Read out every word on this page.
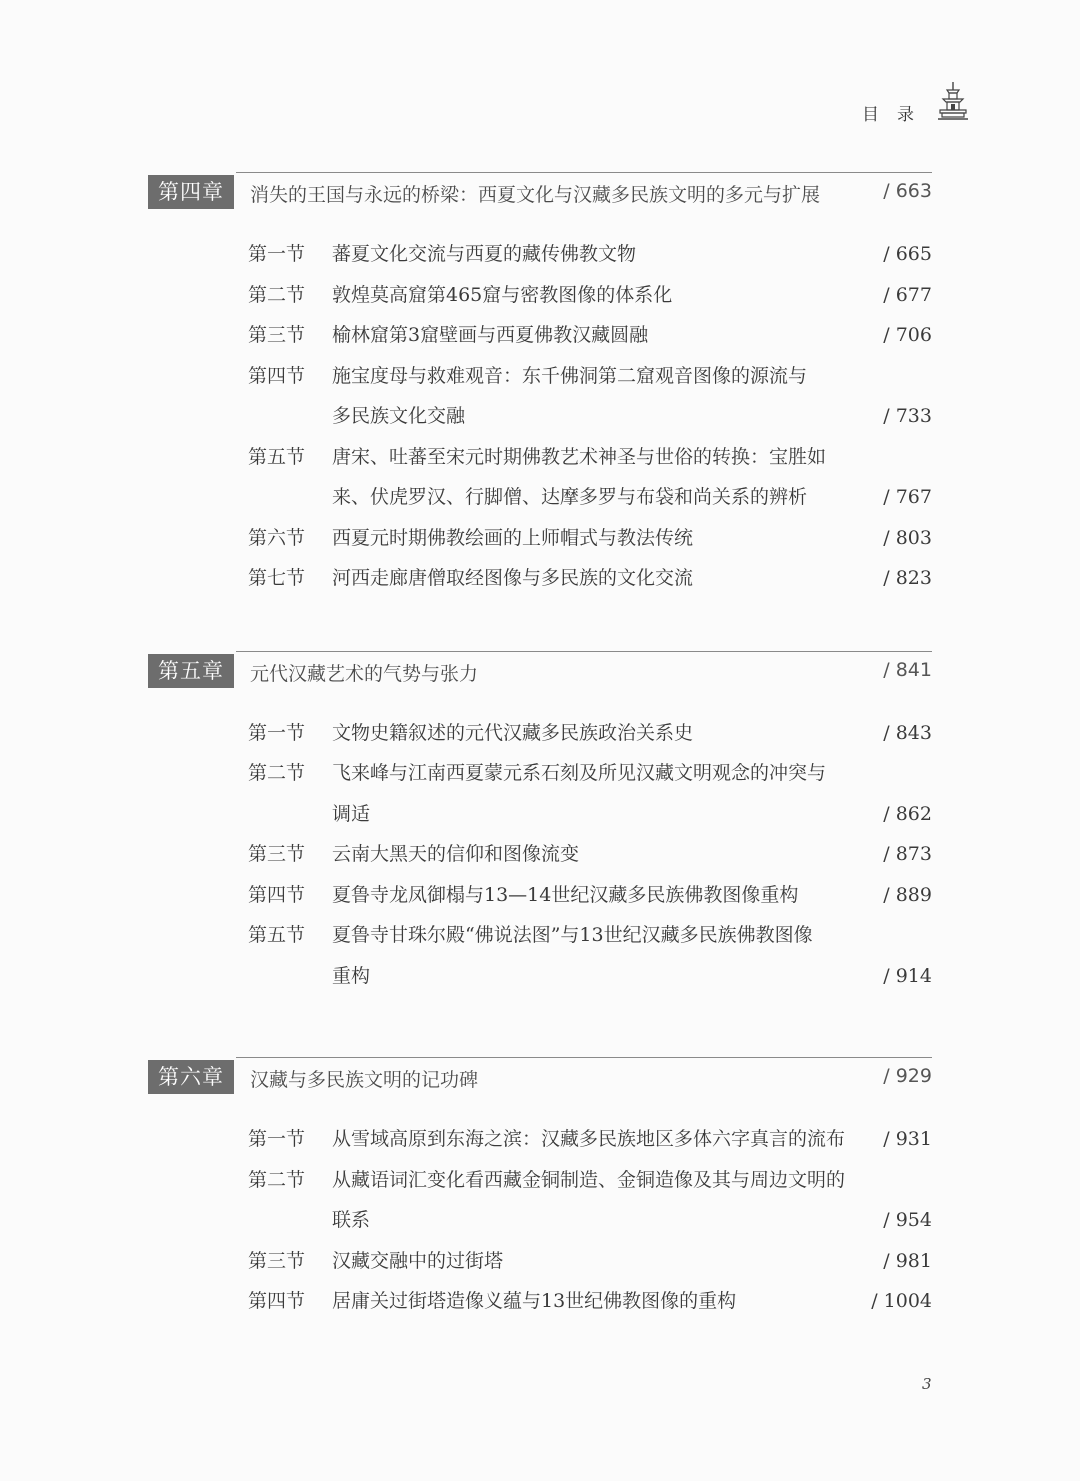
目录
第四章	消失的王国与永远的桥梁：西夏文化与汉藏多民族文明的多元与扩展	/ 663
第一节 蕃夏文化交流与西夏的藏传佛教文物	/ 665
第二节 敦煌莫高窟第465窟与密教图像的体系化	/ 677
第三节 榆林窟第3窟壁画与西夏佛教汉藏圆融	/ 706
第四节 施宝度母与救难观音：东千佛洞第二窟观音图像的源流与
多民族文化交融	/ 733
第五节 唐宋、吐蕃至宋元时期佛教艺术神圣与世俗的转换：宝胜如
来、伏虎罗汉、行脚僧、达摩多罗与布袋和尚关系的辨析	/ 767
第六节 西夏元时期佛教绘画的上师帽式与教法传统	/ 803
第七节 河西走廊唐僧取经图像与多民族的文化交流	/ 823
第五章	元代汉藏艺术的气势与张力	/ 841
第一节 文物史籍叙述的元代汉藏多民族政治关系史	/ 843
第二节 飞来峰与江南西夏蒙元系石刻及所见汉藏文明观念的冲突与
调适	/ 862
第三节 云南大黑天的信仰和图像流变	/ 873
第四节 夏鲁寺龙凤御榻与13—14世纪汉藏多民族佛教图像重构	/ 889
第五节 夏鲁寺甘珠尔殿“佛说法图”与13世纪汉藏多民族佛教图像
重构	/ 914
第六章	汉藏与多民族文明的记功碑	/ 929
第一节 从雪域高原到东海之滨：汉藏多民族地区多体六字真言的流布 / 931
第二节 从藏语词汇变化看西藏金铜制造、金铜造像及其与周边文明的
联系	/ 954
第三节 汉藏交融中的过街塔	/ 981
第四节 居庸关过街塔造像义蕴与13世纪佛教图像的重构	/ 1004
3
